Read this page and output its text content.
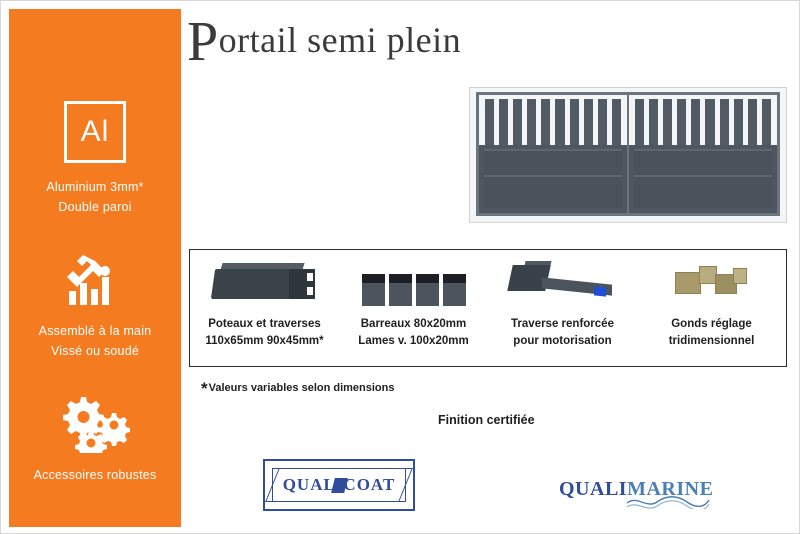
Al
Aluminium 3mm*
Double paroi
Assemblé à la main
Vissé ou soudé
Accessoires robustes
Portail semi plein
Poteaux et traverses
110x65mm 90x45mm*
Barreaux 80x20mm
Lames v. 100x20mm
Traverse renforcée
pour motorisation
Gonds réglage
tridimensionnel
*Valeurs variables selon dimensions
Finition certifiée
QUALICOAT	QUALIMARINE
